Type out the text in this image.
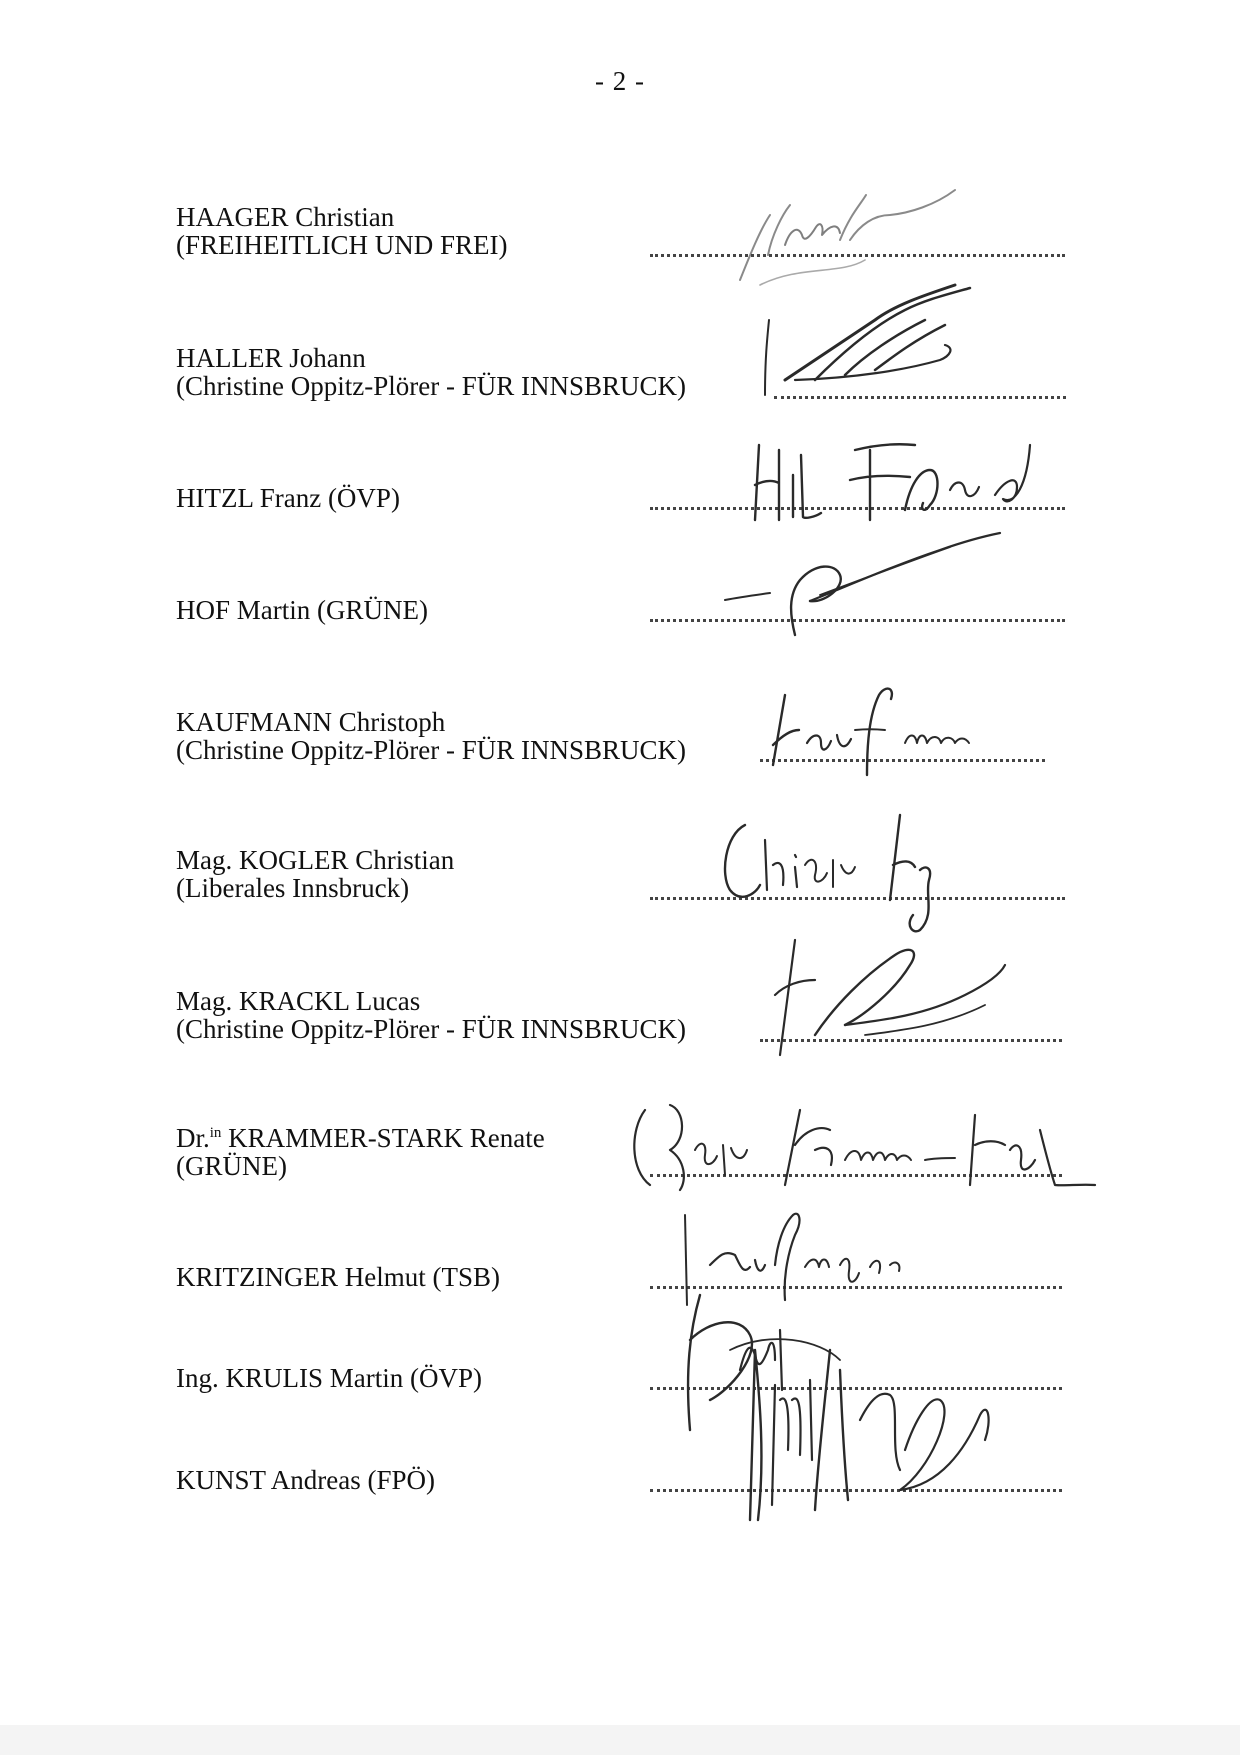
- 2 -
HAAGER Christian
(FREIHEITLICH UND FREI)
HALLER Johann
(Christine Oppitz-Plörer - FÜR INNSBRUCK)
HITZL Franz (ÖVP)
HOF Martin (GRÜNE)
KAUFMANN Christoph
(Christine Oppitz-Plörer - FÜR INNSBRUCK)
Mag. KOGLER Christian
(Liberales Innsbruck)
Mag. KRACKL Lucas
(Christine Oppitz-Plörer - FÜR INNSBRUCK)
Dr.$^{in}$ KRAMMER-STARK Renate
(GRÜNE)
KRITZINGER Helmut (TSB)
Ing. KRULIS Martin (ÖVP)
KUNST Andreas (FPÖ)
